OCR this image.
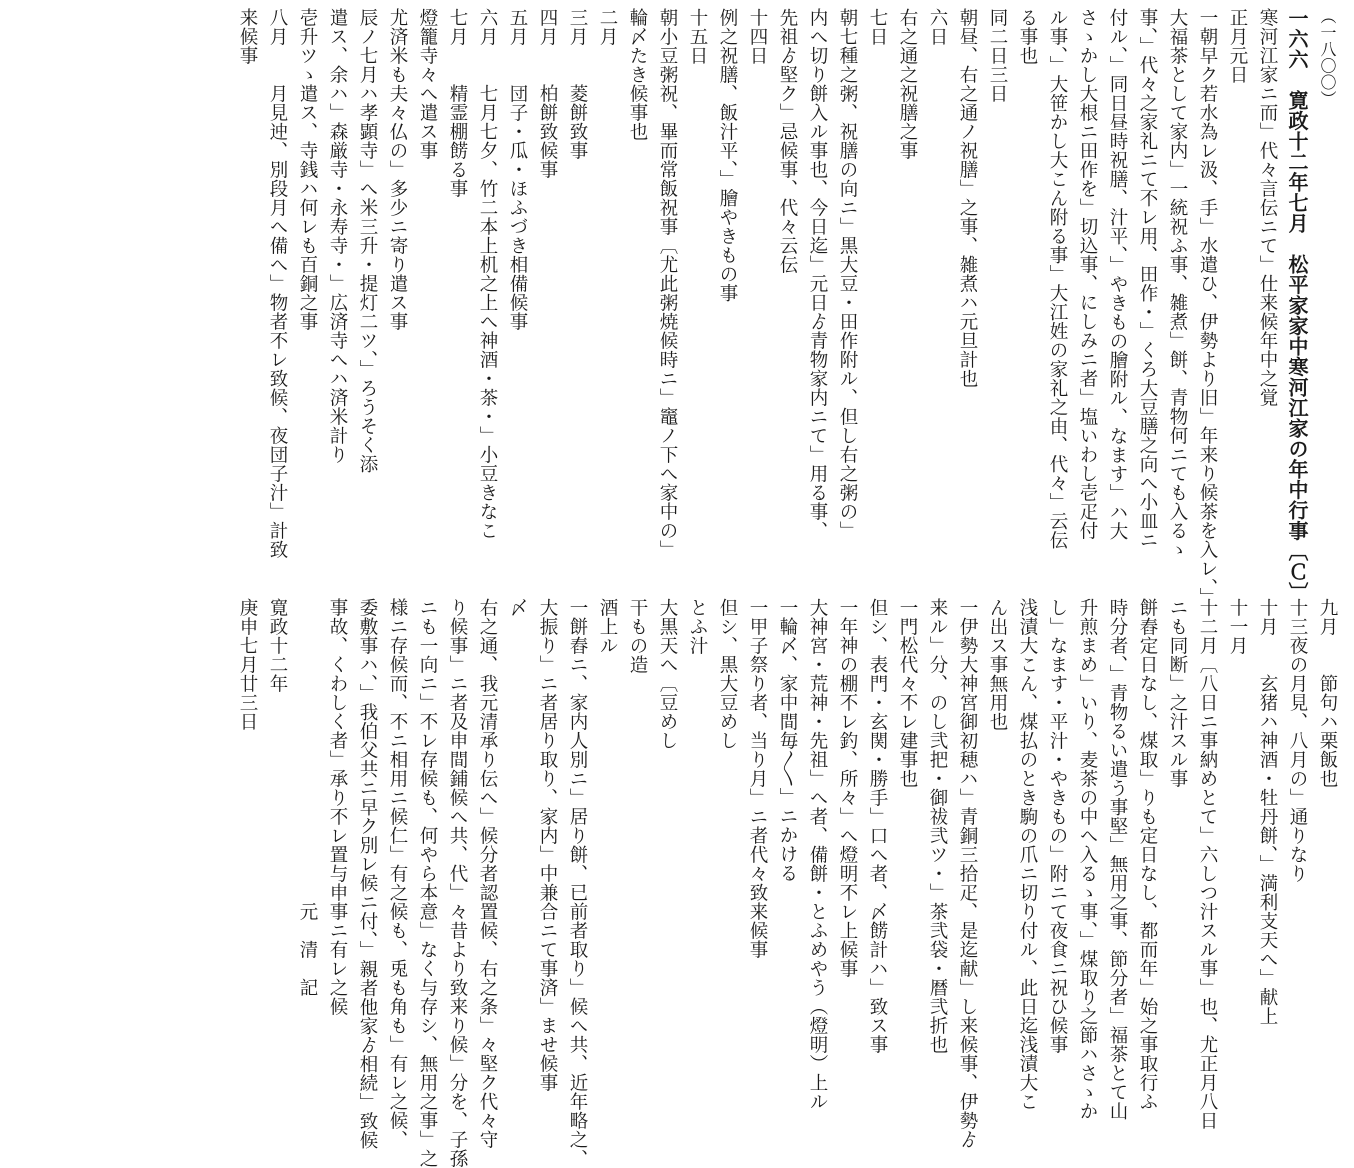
（一八〇〇）
一六六　寛政十二年七月　松平家家中寒河江家の年中行事〔Ｃ〕
寒河江家ニ而」代々言伝ニて」仕来候年中之覚
正月元日
一朝早ク若水為レ汲、手」水遣ひ、伊勢より旧」年来り候茶を入レ、」
大福茶として家内」一統祝ふ事、雑煮」餅、青物何ニても入るゝ
事、」代々之家礼ニて不レ用、田作・」くろ大豆膳之向へ小皿ニ
付ル、」同日昼時祝膳、汁平、」やきもの膾附ル、なます」ハ大
さゝかし大根ニ田作を」切込事、にしみニ者」塩いわし壱疋付
ル事、」大笹かし大こん附る事」大江姓の家礼之由、代々」云伝
る事也
同二日三日
朝昼、右之通ノ祝膳」之事、雑煮ハ元旦計也
六日
右之通之祝膳之事
七日
朝七種之粥、祝膳の向ニ」黒大豆・田作附ル、但し右之粥の」
内へ切り餅入ル事也、今日迄」元日ゟ青物家内ニて」用る事、
先祖ゟ堅ク」忌候事、代々云伝
十四日
例之祝膳、飯汁平、」膾やきもの事
十五日
朝小豆粥祝、畢而常飯祝事〔尤此粥焼候時ニ」竈ノ下へ家中の」
輪〆たき候事也
二月
三月　　菱餅致事
四月　　柏餅致候事
五月　　団子・瓜・ほふづき相備候事
六月　　七月七夕、竹二本上机之上へ神酒・茶・」小豆きなこ
七月　　精霊棚餝る事
燈籠寺々へ遣ス事
尤済米も夫々仏の」多少ニ寄り遣ス事
辰ノ七月ハ孝顕寺」へ米三升・提灯二ツ、」ろうそく添
遣ス、余ハ」森厳寺・永寿寺・」広済寺へハ済米計り
壱升ツゝ遣ス、寺銭ハ何レも百銅之事
八月　　月見迚、別段月へ備へ」物者不レ致候、夜団子汁」計致
来候事
九月　　節句ハ栗飯也
十三夜の月見、八月の」通りなり
十月　　玄猪ハ神酒・牡丹餅、」満利支天へ」献上
十一月
十二月〔八日ニ事納めとて」六しつ汁スル事」也、尤正月八日
ニも同断」之汁スル事
餅舂定日なし、煤取」りも定日なし、都而年」始之事取行ふ
時分者、」青物るい遣う事堅」無用之事、節分者」福茶とて山
升煎まめ」いり、麦茶の中へ入るゝ事、」煤取り之節ハさゝか
し」なます・平汁・やきもの」附ニて夜食ニ祝ひ候事
浅漬大こん、煤払のとき駒の爪ニ切り付ル、此日迄浅漬大こ
ん出ス事無用也
一伊勢大神宮御初穂ハ」青銅三拾疋、是迄献」し来候事、伊勢ゟ
来ル」分、のし弐把・御祓弐ツ・」茶弐袋・暦弐折也
一門松代々不レ建事也
但シ、表門・玄関・勝手」口へ者、〆餝計ハ」致ス事
一年神の棚不レ釣、所々」へ燈明不レ上候事
大神宮・荒神・先祖」へ者、備餅・とふめやう（燈明）上ル
一輪〆、家中間毎〳〵」ニかける
一甲子祭り者、当り月」ニ者代々致来候事
但シ、黒大豆めし
とふ汁
大黒天へ〔豆めし
干もの造
酒上ル
一餅舂ニ、家内人別ニ」居り餅、已前者取り」候へ共、近年略之、
大振り」ニ者居り取り、家内」中兼合ニて事済」ませ候事
〆
右之通、我元清承り伝へ」候分者認置候、右之条」々堅ク代々守
り候事」ニ者及申間鋪候へ共、代」々昔より致来り候」分を、子孫
ニも一向ニ」不レ存候も、何やら本意」なく与存シ、無用之事」之
様ニ存候而、不ニ相用ニ候仁」有之候も、兎も角も」有レ之候、
委敷事ハ、」我伯父共ニ早ク別レ候ニ付、」親者他家ゟ相続」致候
事故、くわしく者」承り不レ置与申事ニ有レ之候
　　　　　　　　　　　　　　　　元　清　記
寛政十二年
庚申七月廿三日
